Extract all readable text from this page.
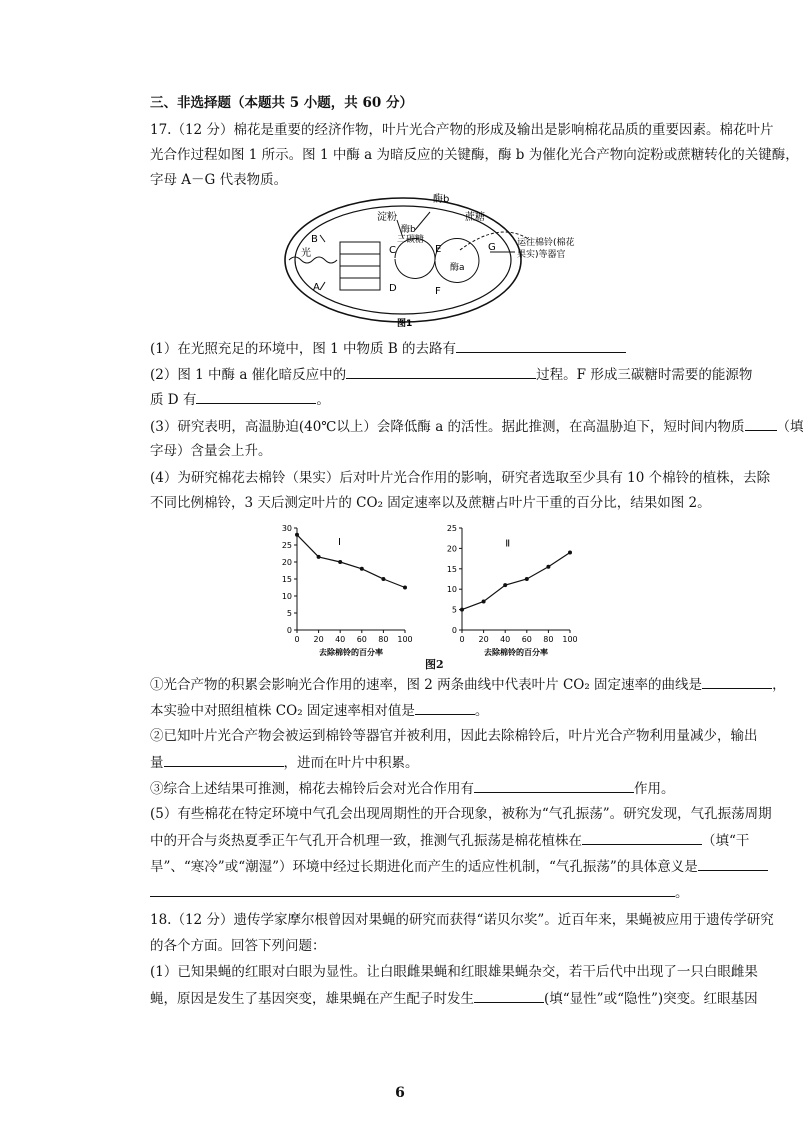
三、非选择题（本题共 5 小题，共 60 分）
17.（12 分）棉花是重要的经济作物，叶片光合产物的形成及输出是影响棉花品质的重要因素。棉花叶片
光合作过程如图 1 所示。图 1 中酶 a 为暗反应的关键酶，酶 b 为催化光合产物向淀粉或蔗糖转化的关键酶，
字母 A－G 代表物质。
酶b
淀粉	蔗糖
酶b
三碳糖
B
光
A
C
D
E
酶a
F
G 运往棉铃(棉花
果实)等器官
图1
(1）在光照充足的环境中，图 1 中物质 B 的去路有
(2）图 1 中酶 a 催化暗反应中的	过程。F 形成三碳糖时需要的能源物
质 D 有	。
(3）研究表明，高温胁迫(40℃以上）会降低酶 a 的活性。据此推测，在高温胁迫下，短时间内物质 （填
字母）含量会上升。
(4）为研究棉花去棉铃（果实）后对叶片光合作用的影响，研究者选取至少具有 10 个棉铃的植株，去除
不同比例棉铃，3 天后测定叶片的 CO₂ 固定速率以及蔗糖占叶片干重的百分比，结果如图 2。
0
5
10
15
20
25
30
0 20 40 60 80 100
去除棉铃的百分率
Ⅰ
0
5
10
15
20
25
0 20 40 60 80 100
去除棉铃的百分率
Ⅱ
图2
①光合产物的积累会影响光合作用的速率，图 2 两条曲线中代表叶片 CO₂ 固定速率的曲线是	，
本实验中对照组植株 CO₂ 固定速率相对值是	。
②已知叶片光合产物会被运到棉铃等器官并被利用，因此去除棉铃后，叶片光合产物利用量减少，输出
量	，进而在叶片中积累。
③综合上述结果可推测，棉花去棉铃后会对光合作用有	作用。
(5）有些棉花在特定环境中气孔会出现周期性的开合现象，被称为“气孔振荡”。研究发现，气孔振荡周期
中的开合与炎热夏季正午气孔开合机理一致，推测气孔振荡是棉花植株在	（填“干
旱”、“寒冷”或“潮湿”）环境中经过长期进化而产生的适应性机制，“气孔振荡”的具体意义是
。
18.（12 分）遗传学家摩尔根曾因对果蝇的研究而获得“诺贝尔奖”。近百年来，果蝇被应用于遗传学研究
的各个方面。回答下列问题：
(1）已知果蝇的红眼对白眼为显性。让白眼雌果蝇和红眼雄果蝇杂交，若干后代中出现了一只白眼雌果
蝇，原因是发生了基因突变，雄果蝇在产生配子时发生	(填“显性”或“隐性”)突变。红眼基因
6
